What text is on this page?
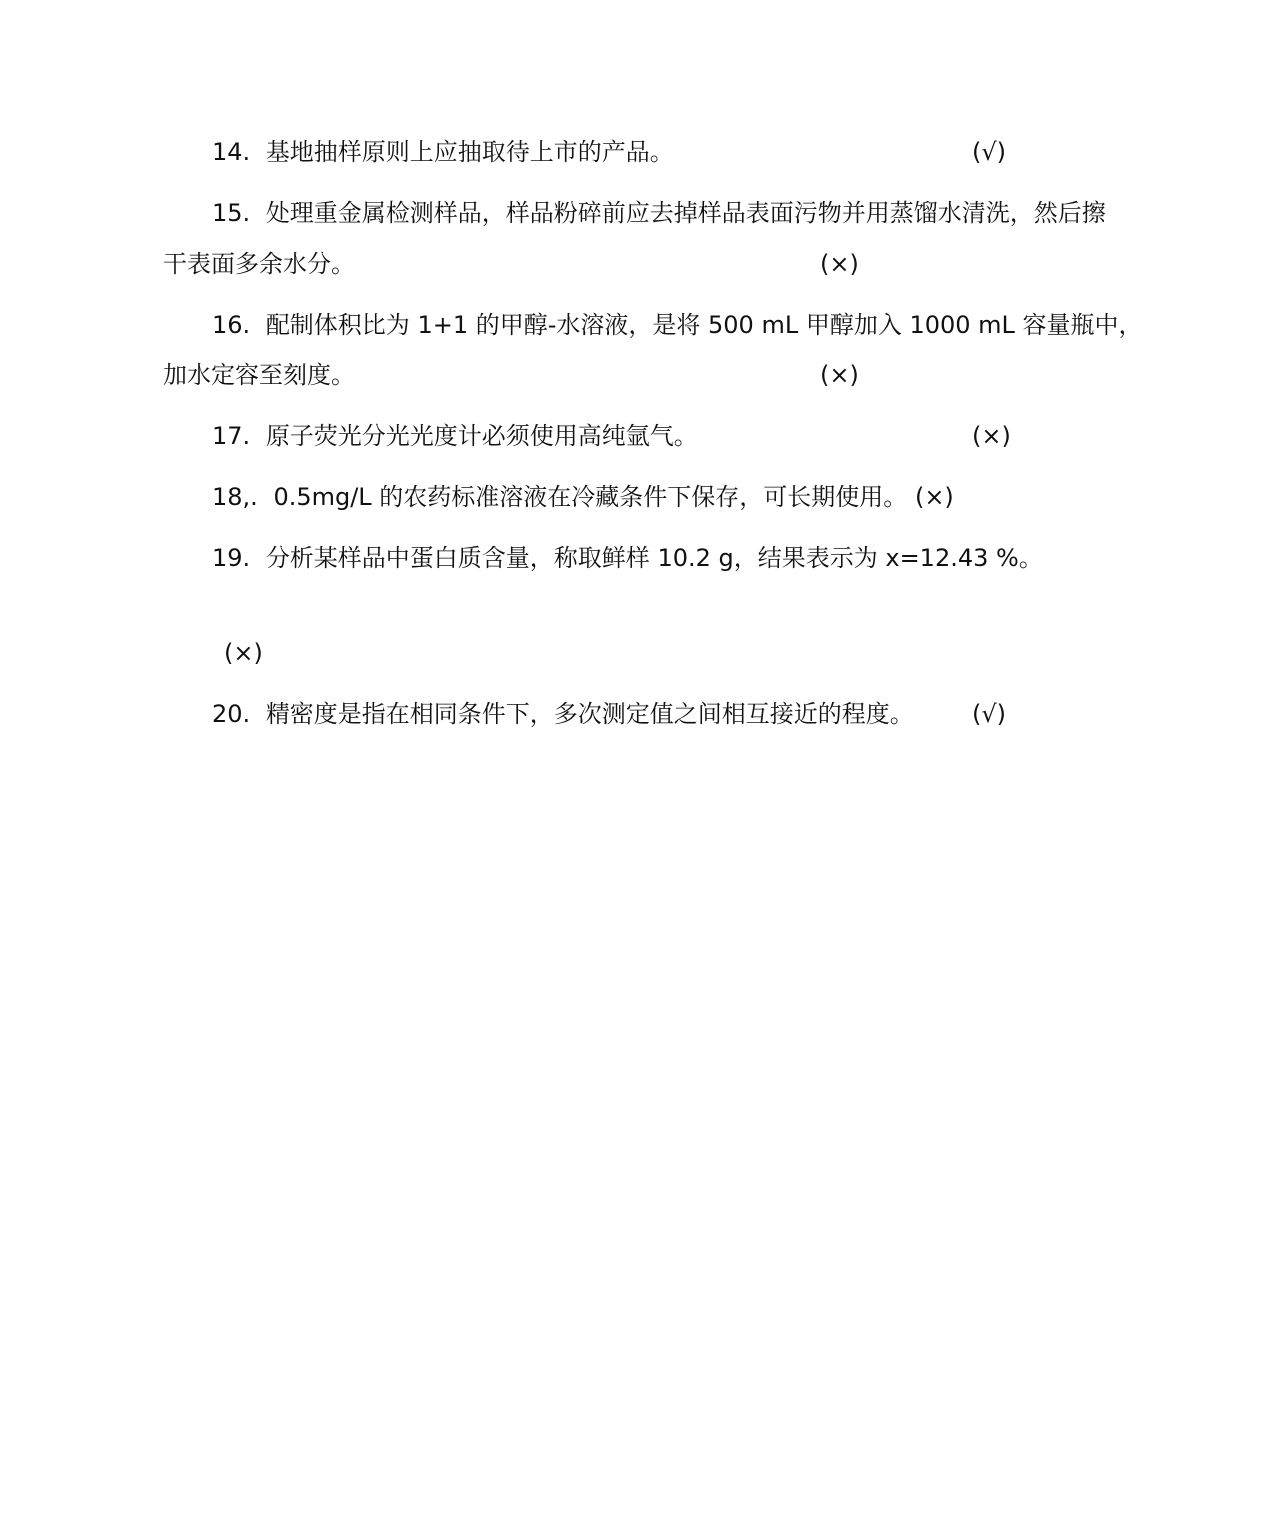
14. 基地抽样原则上应抽取待上市的产品。	(√)
15. 处理重金属检测样品，样品粉碎前应去掉样品表面污物并用蒸馏水清洗，然后擦
干表面多余水分。	(×)
16. 配制体积比为 1+1 的甲醇-水溶液，是将 500 mL 甲醇加入 1000 mL 容量瓶中，
加水定容至刻度。	(×)
17. 原子荧光分光光度计必须使用高纯氩气。	(×)
18,. 0.5mg/L 的农药标准溶液在冷藏条件下保存，可长期使用。 (×)
19. 分析某样品中蛋白质含量，称取鲜样 10.2 g，结果表示为 x=12.43 %。
(×)
20. 精密度是指在相同条件下，多次测定值之间相互接近的程度。 (√)
